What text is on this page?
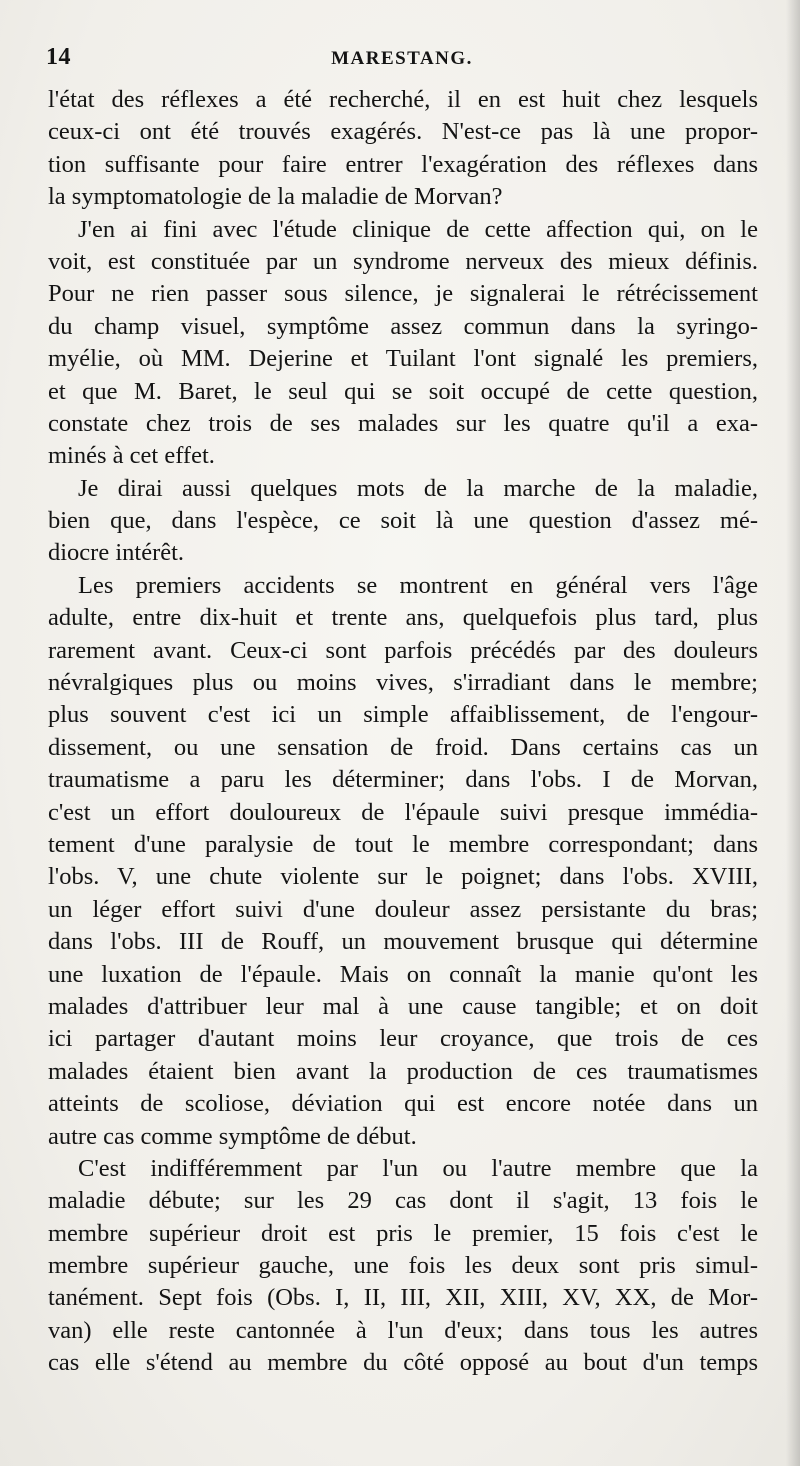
14	MARESTANG.
l'état des réflexes a été recherché, il en est huit chez lesquels
ceux-ci ont été trouvés exagérés. N'est-ce pas là une propor-
tion suffisante pour faire entrer l'exagération des réflexes dans
la symptomatologie de la maladie de Morvan?
J'en ai fini avec l'étude clinique de cette affection qui, on le
voit, est constituée par un syndrome nerveux des mieux définis.
Pour ne rien passer sous silence, je signalerai le rétrécissement
du champ visuel, symptôme assez commun dans la syringo-
myélie, où MM. Dejerine et Tuilant l'ont signalé les premiers,
et que M. Baret, le seul qui se soit occupé de cette question,
constate chez trois de ses malades sur les quatre qu'il a exa-
minés à cet effet.
Je dirai aussi quelques mots de la marche de la maladie,
bien que, dans l'espèce, ce soit là une question d'assez mé-
diocre intérêt.
Les premiers accidents se montrent en général vers l'âge
adulte, entre dix-huit et trente ans, quelquefois plus tard, plus
rarement avant. Ceux-ci sont parfois précédés par des douleurs
névralgiques plus ou moins vives, s'irradiant dans le membre;
plus souvent c'est ici un simple affaiblissement, de l'engour-
dissement, ou une sensation de froid. Dans certains cas un
traumatisme a paru les déterminer; dans l'obs. I de Morvan,
c'est un effort douloureux de l'épaule suivi presque immédia-
tement d'une paralysie de tout le membre correspondant; dans
l'obs. V, une chute violente sur le poignet; dans l'obs. XVIII,
un léger effort suivi d'une douleur assez persistante du bras;
dans l'obs. III de Rouff, un mouvement brusque qui détermine
une luxation de l'épaule. Mais on connaît la manie qu'ont les
malades d'attribuer leur mal à une cause tangible; et on doit
ici partager d'autant moins leur croyance, que trois de ces
malades étaient bien avant la production de ces traumatismes
atteints de scoliose, déviation qui est encore notée dans un
autre cas comme symptôme de début.
C'est indifféremment par l'un ou l'autre membre que la
maladie débute; sur les 29 cas dont il s'agit, 13 fois le
membre supérieur droit est pris le premier, 15 fois c'est le
membre supérieur gauche, une fois les deux sont pris simul-
tanément. Sept fois (Obs. I, II, III, XII, XIII, XV, XX, de Mor-
van) elle reste cantonnée à l'un d'eux; dans tous les autres
cas elle s'étend au membre du côté opposé au bout d'un temps
